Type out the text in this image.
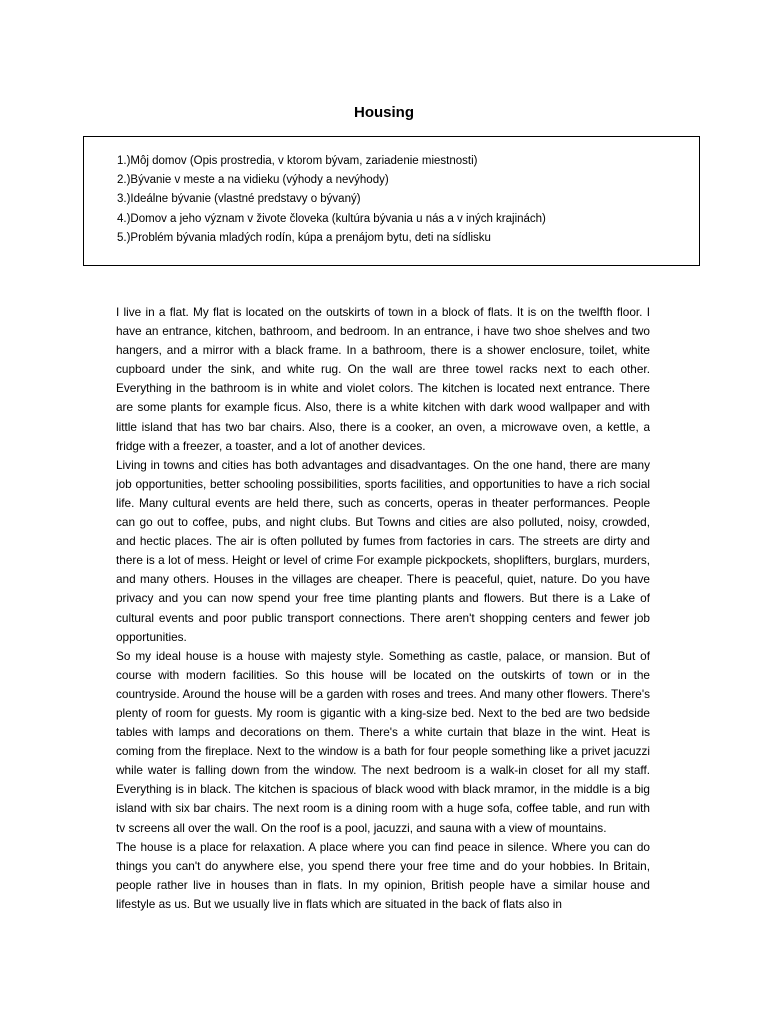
Housing
1.)Môj domov (Opis prostredia, v ktorom bývam, zariadenie miestnosti)
2.)Bývanie v meste a na vidieku (výhody a nevýhody)
3.)Ideálne bývanie (vlastné predstavy o bývaný)
4.)Domov a jeho význam v živote človeka (kultúra bývania u nás a v iných krajinách)
5.)Problém bývania mladých rodín, kúpa a prenájom bytu, deti na sídlisku

I live in a flat. My flat is located on the outskirts of town in a block of flats. It is on the twelfth floor. I have an entrance, kitchen, bathroom, and bedroom. In an entrance, i have two shoe shelves and two hangers, and a mirror with a black frame. In a bathroom, there is a shower enclosure, toilet, white cupboard under the sink, and white rug. On the wall are three towel racks next to each other. Everything in the bathroom is in white and violet colors. The kitchen is located next entrance. There are some plants for example ficus. Also, there is a white kitchen with dark wood wallpaper and with little island that has two bar chairs. Also, there is a cooker, an oven, a microwave oven, a kettle, a fridge with a freezer, a toaster, and a lot of another devices.

Living in towns and cities has both advantages and disadvantages. On the one hand, there are many job opportunities, better schooling possibilities, sports facilities, and opportunities to have a rich social life. Many cultural events are held there, such as concerts, operas in theater performances. People can go out to coffee, pubs, and night clubs. But Towns and cities are also polluted, noisy, crowded, and hectic places. The air is often polluted by fumes from factories in cars. The streets are dirty and there is a lot of mess. Height or level of crime For example pickpockets, shoplifters, burglars, murders, and many others. Houses in the villages are cheaper. There is peaceful, quiet, nature. Do you have privacy and you can now spend your free time planting plants and flowers. But there is a Lake of cultural events and poor public transport connections. There aren't shopping centers and fewer job opportunities.

So my ideal house is a house with majesty style. Something as castle, palace, or mansion. But of course with modern facilities. So this house will be located on the outskirts of town or in the countryside. Around the house will be a garden with roses and trees. And many other flowers. There's plenty of room for guests. My room is gigantic with a king-size bed. Next to the bed are two bedside tables with lamps and decorations on them. There's a white curtain that blaze in the wint. Heat is coming from the fireplace. Next to the window is a bath for four people something like a privet jacuzzi while water is falling down from the window. The next bedroom is a walk-in closet for all my staff. Everything is in black. The kitchen is spacious of black wood with black mramor, in the middle is a big island with six bar chairs. The next room is a dining room with a huge sofa, coffee table, and run with tv screens all over the wall. On the roof is a pool, jacuzzi, and sauna with a view of mountains.

The house is a place for relaxation. A place where you can find peace in silence. Where you can do things you can't do anywhere else, you spend there your free time and do your hobbies. In Britain, people rather live in houses than in flats. In my opinion, British people have a similar house and lifestyle as us. But we usually live in flats which are situated in the back of flats also in
